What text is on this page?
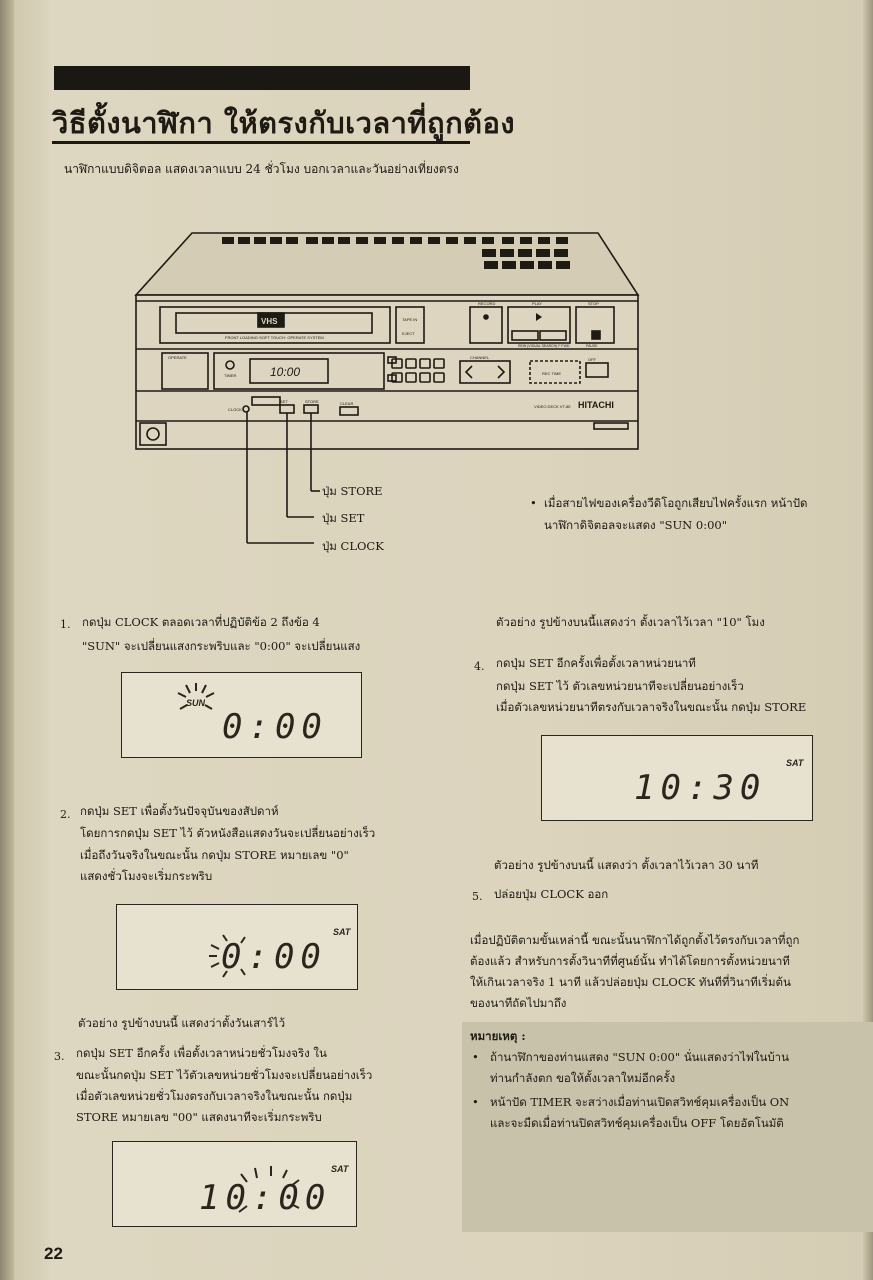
วิธีตั้งนาฬิกา ให้ตรงกับเวลาที่ถูกต้อง
นาฬิกาแบบดิจิตอล แสดงเวลาแบบ 24 ชั่วโมง บอกเวลาและวันอย่างเที่ยงตรง
10:00
HITACHI
VIDEO DECK VT-8E
FRONT LOADING·SOFT TOUCH· OPERATE SYSTEM
VHS
RECORD	PLAY	STOP
REW (VISUAL SEARCH) F FWD	PAUSE
CHANNEL
TAPE IN
EJECT
OPERATE
TIMER
CLOCK
SET	STORE	CLEAR
REC TIME
OFF
ปุ่ม STORE
ปุ่ม SET
ปุ่ม CLOCK
• เมื่อสายไฟของเครื่องวีดิโอถูกเสียบไฟครั้งแรก หน้าปัด
นาฬิกาดิจิตอลจะแสดง "SUN 0:00"
1. กดปุ่ม CLOCK ตลอดเวลาที่ปฏิบัติข้อ 2 ถึงข้อ 4
"SUN" จะเปลี่ยนแสงกระพริบและ "0:00" จะเปลี่ยนแสง
SUN
0:00
2. กดปุ่ม SET เพื่อตั้งวันปัจจุบันของสัปดาห์
โดยการกดปุ่ม SET ไว้ ตัวหนังสือแสดงวันจะเปลี่ยนอย่างเร็ว
เมื่อถึงวันจริงในขณะนั้น กดปุ่ม STORE หมายเลข "0"
แสดงชั่วโมงจะเริ่มกระพริบ
SAT
0:00
ตัวอย่าง รูปข้างบนนี้ แสดงว่าตั้งวันเสาร์ไว้
3. กดปุ่ม SET อีกครั้ง เพื่อตั้งเวลาหน่วยชั่วโมงจริง ใน
ขณะนั้นกดปุ่ม SET ไว้ตัวเลขหน่วยชั่วโมงจะเปลี่ยนอย่างเร็ว
เมื่อตัวเลขหน่วยชั่วโมงตรงกับเวลาจริงในขณะนั้น กดปุ่ม
STORE หมายเลข "00" แสดงนาทีจะเริ่มกระพริบ
SAT
10:00
ตัวอย่าง รูปข้างบนนี้แสดงว่า ตั้งเวลาไว้เวลา "10" โมง
4. กดปุ่ม SET อีกครั้งเพื่อตั้งเวลาหน่วยนาที
กดปุ่ม SET ไว้ ตัวเลขหน่วยนาทีจะเปลี่ยนอย่างเร็ว
เมื่อตัวเลขหน่วยนาทีตรงกับเวลาจริงในขณะนั้น กดปุ่ม STORE
SAT
10:30
ตัวอย่าง รูปข้างบนนี้ แสดงว่า ตั้งเวลาไว้เวลา 30 นาที
5. ปล่อยปุ่ม CLOCK ออก
เมื่อปฏิบัติตามขั้นเหล่านี้ ขณะนั้นนาฬิกาได้ถูกตั้งไว้ตรงกับเวลาที่ถูก
ต้องแล้ว สำหรับการตั้งวินาทีที่ศูนย์นั้น ทำได้โดยการตั้งหน่วยนาที
ให้เกินเวลาจริง 1 นาที แล้วปล่อยปุ่ม CLOCK ทันทีที่วินาทีเริ่มต้น
ของนาทีถัดไปมาถึง
หมายเหตุ :
• ถ้านาฬิกาของท่านแสดง "SUN 0:00" นั่นแสดงว่าไฟในบ้าน
ท่านกำลังตก ขอให้ตั้งเวลาใหม่อีกครั้ง
• หน้าปัด TIMER จะสว่างเมื่อท่านเปิดสวิทช์คุมเครื่องเป็น ON
และจะมืดเมื่อท่านปิดสวิทช์คุมเครื่องเป็น OFF โดยอัตโนมัติ
22
